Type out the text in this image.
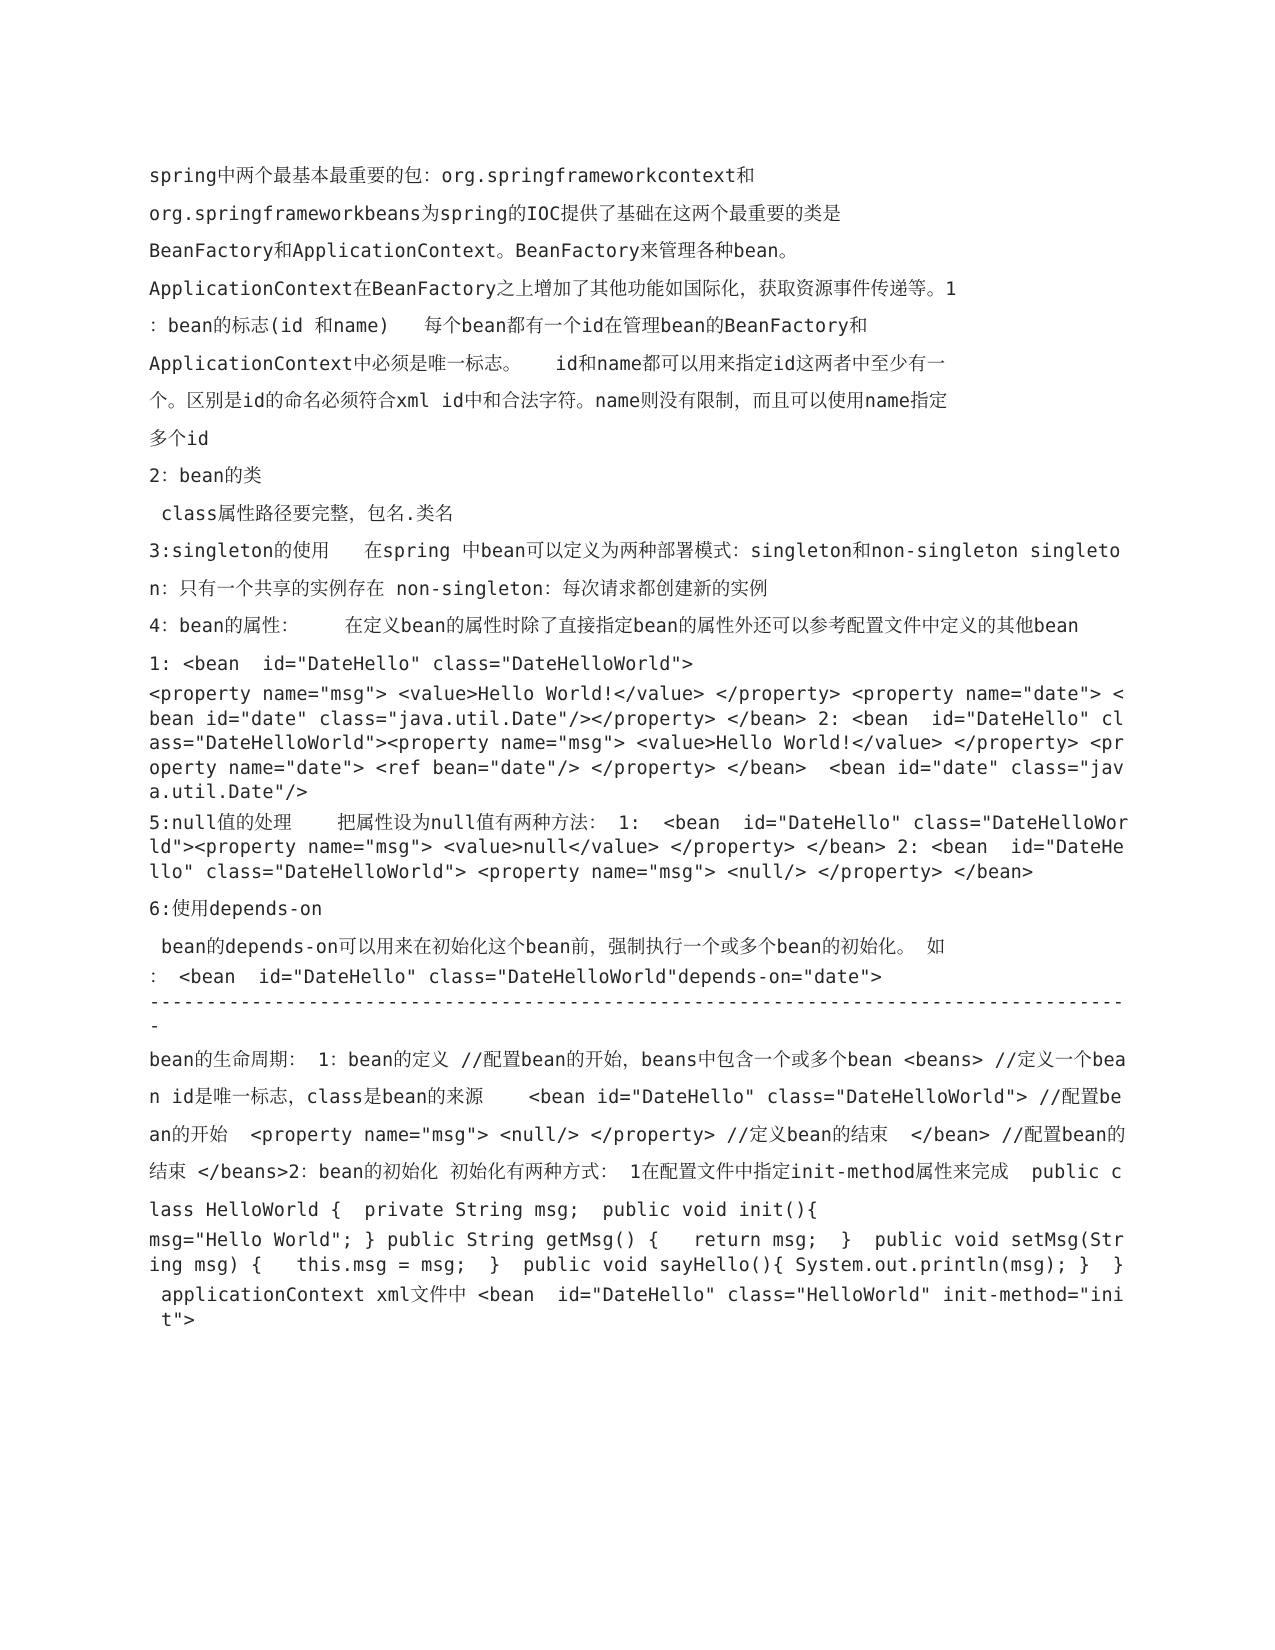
spring中两个最基本最重要的包：org.springframeworkcontext和

org.springframeworkbeans为spring的IOC提供了基础在这两个最重要的类是

BeanFactory和ApplicationContext。BeanFactory来管理各种bean。

ApplicationContext在BeanFactory之上增加了其他功能如国际化，获取资源事件传递等。1

：bean的标志(id 和name)   每个bean都有一个id在管理bean的BeanFactory和

ApplicationContext中必须是唯一标志。   id和name都可以用来指定id这两者中至少有一

个。区别是id的命名必须符合xml id中和合法字符。name则没有限制，而且可以使用name指定

多个id

2：bean的类

class属性路径要完整，包名.类名

3:singleton的使用   在spring 中bean可以定义为两种部署模式：singleton和non-singleton singleton：只有一个共享的实例存在 non-singleton：每次请求都创建新的实例

4：bean的属性：    在定义bean的属性时除了直接指定bean的属性外还可以参考配置文件中定义的其他bean   1: <bean  id="DateHello" class="DateHelloWorld">

<property name="msg"> <value>Hello World!</value> </property> <property name="date"> <bean id="date" class="java.util.Date"/></property> </bean> 2: <bean  id="DateHello" class="DateHelloWorld"><property name="msg"> <value>Hello World!</value> </property> <property name="date"> <ref bean="date"/> </property> </bean>  <bean id="date" class="java.util.Date"/>

5:null值的处理    把属性设为null值有两种方法： 1:  <bean  id="DateHello" class="DateHelloWorld"><property name="msg"> <value>null</value> </property> </bean> 2: <bean  id="DateHello" class="DateHelloWorld"> <property name="msg"> <null/> </property> </bean>

6:使用depends-on

bean的depends-on可以用来在初始化这个bean前，强制执行一个或多个bean的初始化。 如

： <bean  id="DateHello" class="DateHelloWorld"depends-on="date">

---------------------------------------------------------------------------------------

bean的生命周期： 1：bean的定义 //配置bean的开始，beans中包含一个或多个bean <beans> //定义一个bean id是唯一标志，class是bean的来源    <bean id="DateHello" class="DateHelloWorld"> //配置bean的开始  <property name="msg"> <null/> </property> //定义bean的结束  </bean> //配置bean的结束 </beans>2：bean的初始化 初始化有两种方式： 1在配置文件中指定init-method属性来完成  public class HelloWorld {  private String msg;  public void init(){

msg="Hello World"; } public String getMsg() {   return msg;  }  public void setMsg(String msg) {   this.msg = msg;  }  public void sayHello(){ System.out.println(msg); }  }

applicationContext xml文件中 <bean  id="DateHello" class="HelloWorld" init-method="init">
